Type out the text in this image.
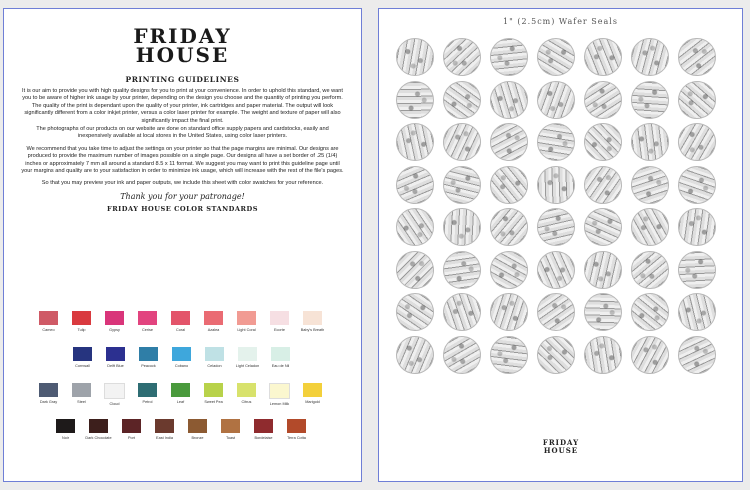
FRIDAY
HOUSE
PRINTING GUIDELINES
It is our aim to provide you with high quality designs for you to print at your convenience. In order to uphold this standard, we want you to be aware of higher ink usage by your printer, depending on the design you choose and the quantity of printing you perform. The quality of the print is dependant upon the quality of your printer, ink cartridges and paper material. The output will look significantly different from a color inkjet printer, versus a color laser printer for example. The weight and texture of paper will also significantly impact the final print.
The photographs of our products on our website are done on standard office supply papers and cardstocks, easily and inexpensively available at local stores in the United States, using color laser printers.
We recommend that you take time to adjust the settings on your printer so that the page margins are minimal. Our designs are produced to provide the maximum number of images possible on a single page. Our designs all have a set border of .25 (1/4) inches or approximately 7 mm all around a standard 8.5 x 11 format. We suggest you may want to print this guideline page until your margins and quality are to your satisfaction in order to minimize ink usage, which will increase with the rest of the file's pages.
So that you may preview your ink and paper outputs, we include this sheet with color swatches for your reference.
Thank you for your patronage!
FRIDAY HOUSE COLOR STANDARDS
Cameo	Tulip	Gypsy	Cerise	Coral	Azalea	Light Coral	Ecorte	Baby's Breath
Cornwall	Delft Blue	Peacock	Cobano	Celadon	Light Celadon	Eau de Nil
Dark Gray	Steel	Cloud	Petrol	Leaf	Sweet Pea	Citrus	Lemon Milk	Marigold
Noir	Dark Chocolate	Port	East India	Bronze	Toast	Bordelaise	Terra Cotta
1" (2.5cm) Wafer Seals
FRIDAY
HOUSE
